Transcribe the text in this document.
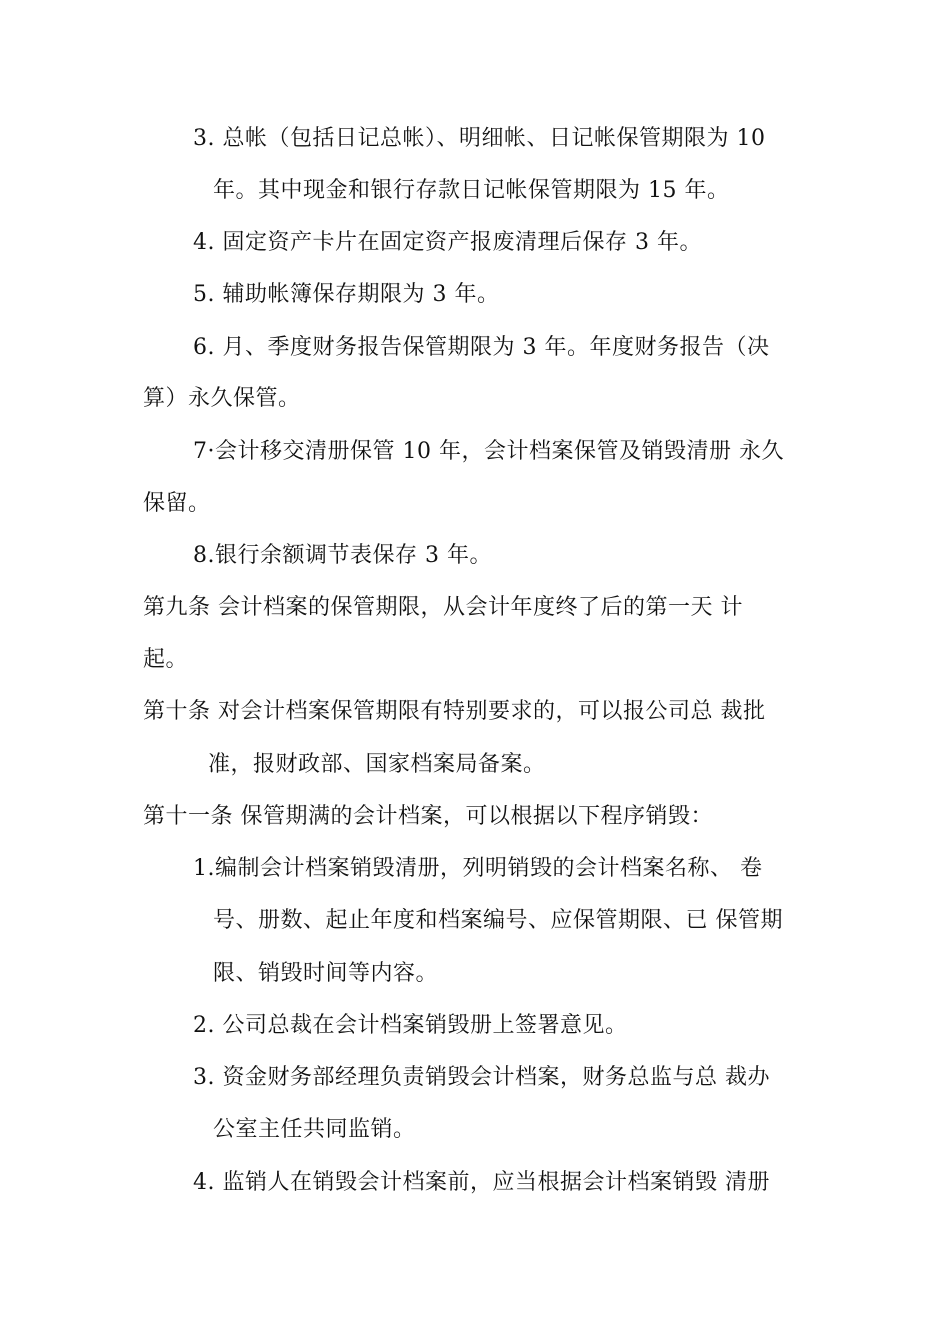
3. 总帐（包括日记总帐）、明细帐、日记帐保管期限为 10
年。其中现金和银行存款日记帐保管期限为 15 年。
4. 固定资产卡片在固定资产报废清理后保存 3 年。
5. 辅助帐簿保存期限为 3 年。
6. 月、季度财务报告保管期限为 3 年。年度财务报告（决
算）永久保管。
7·会计移交清册保管 10 年，会计档案保管及销毁清册 永久
保留。
8.银行余额调节表保存 3 年。
第九条 会计档案的保管期限，从会计年度终了后的第一天 计
起。
第十条 对会计档案保管期限有特别要求的，可以报公司总 裁批
准，报财政部、国家档案局备案。
第十一条 保管期满的会计档案，可以根据以下程序销毁：
1.编制会计档案销毁清册，列明销毁的会计档案名称、 卷
号、册数、起止年度和档案编号、应保管期限、已 保管期
限、销毁时间等内容。
2. 公司总裁在会计档案销毁册上签署意见。
3. 资金财务部经理负责销毁会计档案，财务总监与总 裁办
公室主任共同监销。
4. 监销人在销毁会计档案前，应当根据会计档案销毁 清册
